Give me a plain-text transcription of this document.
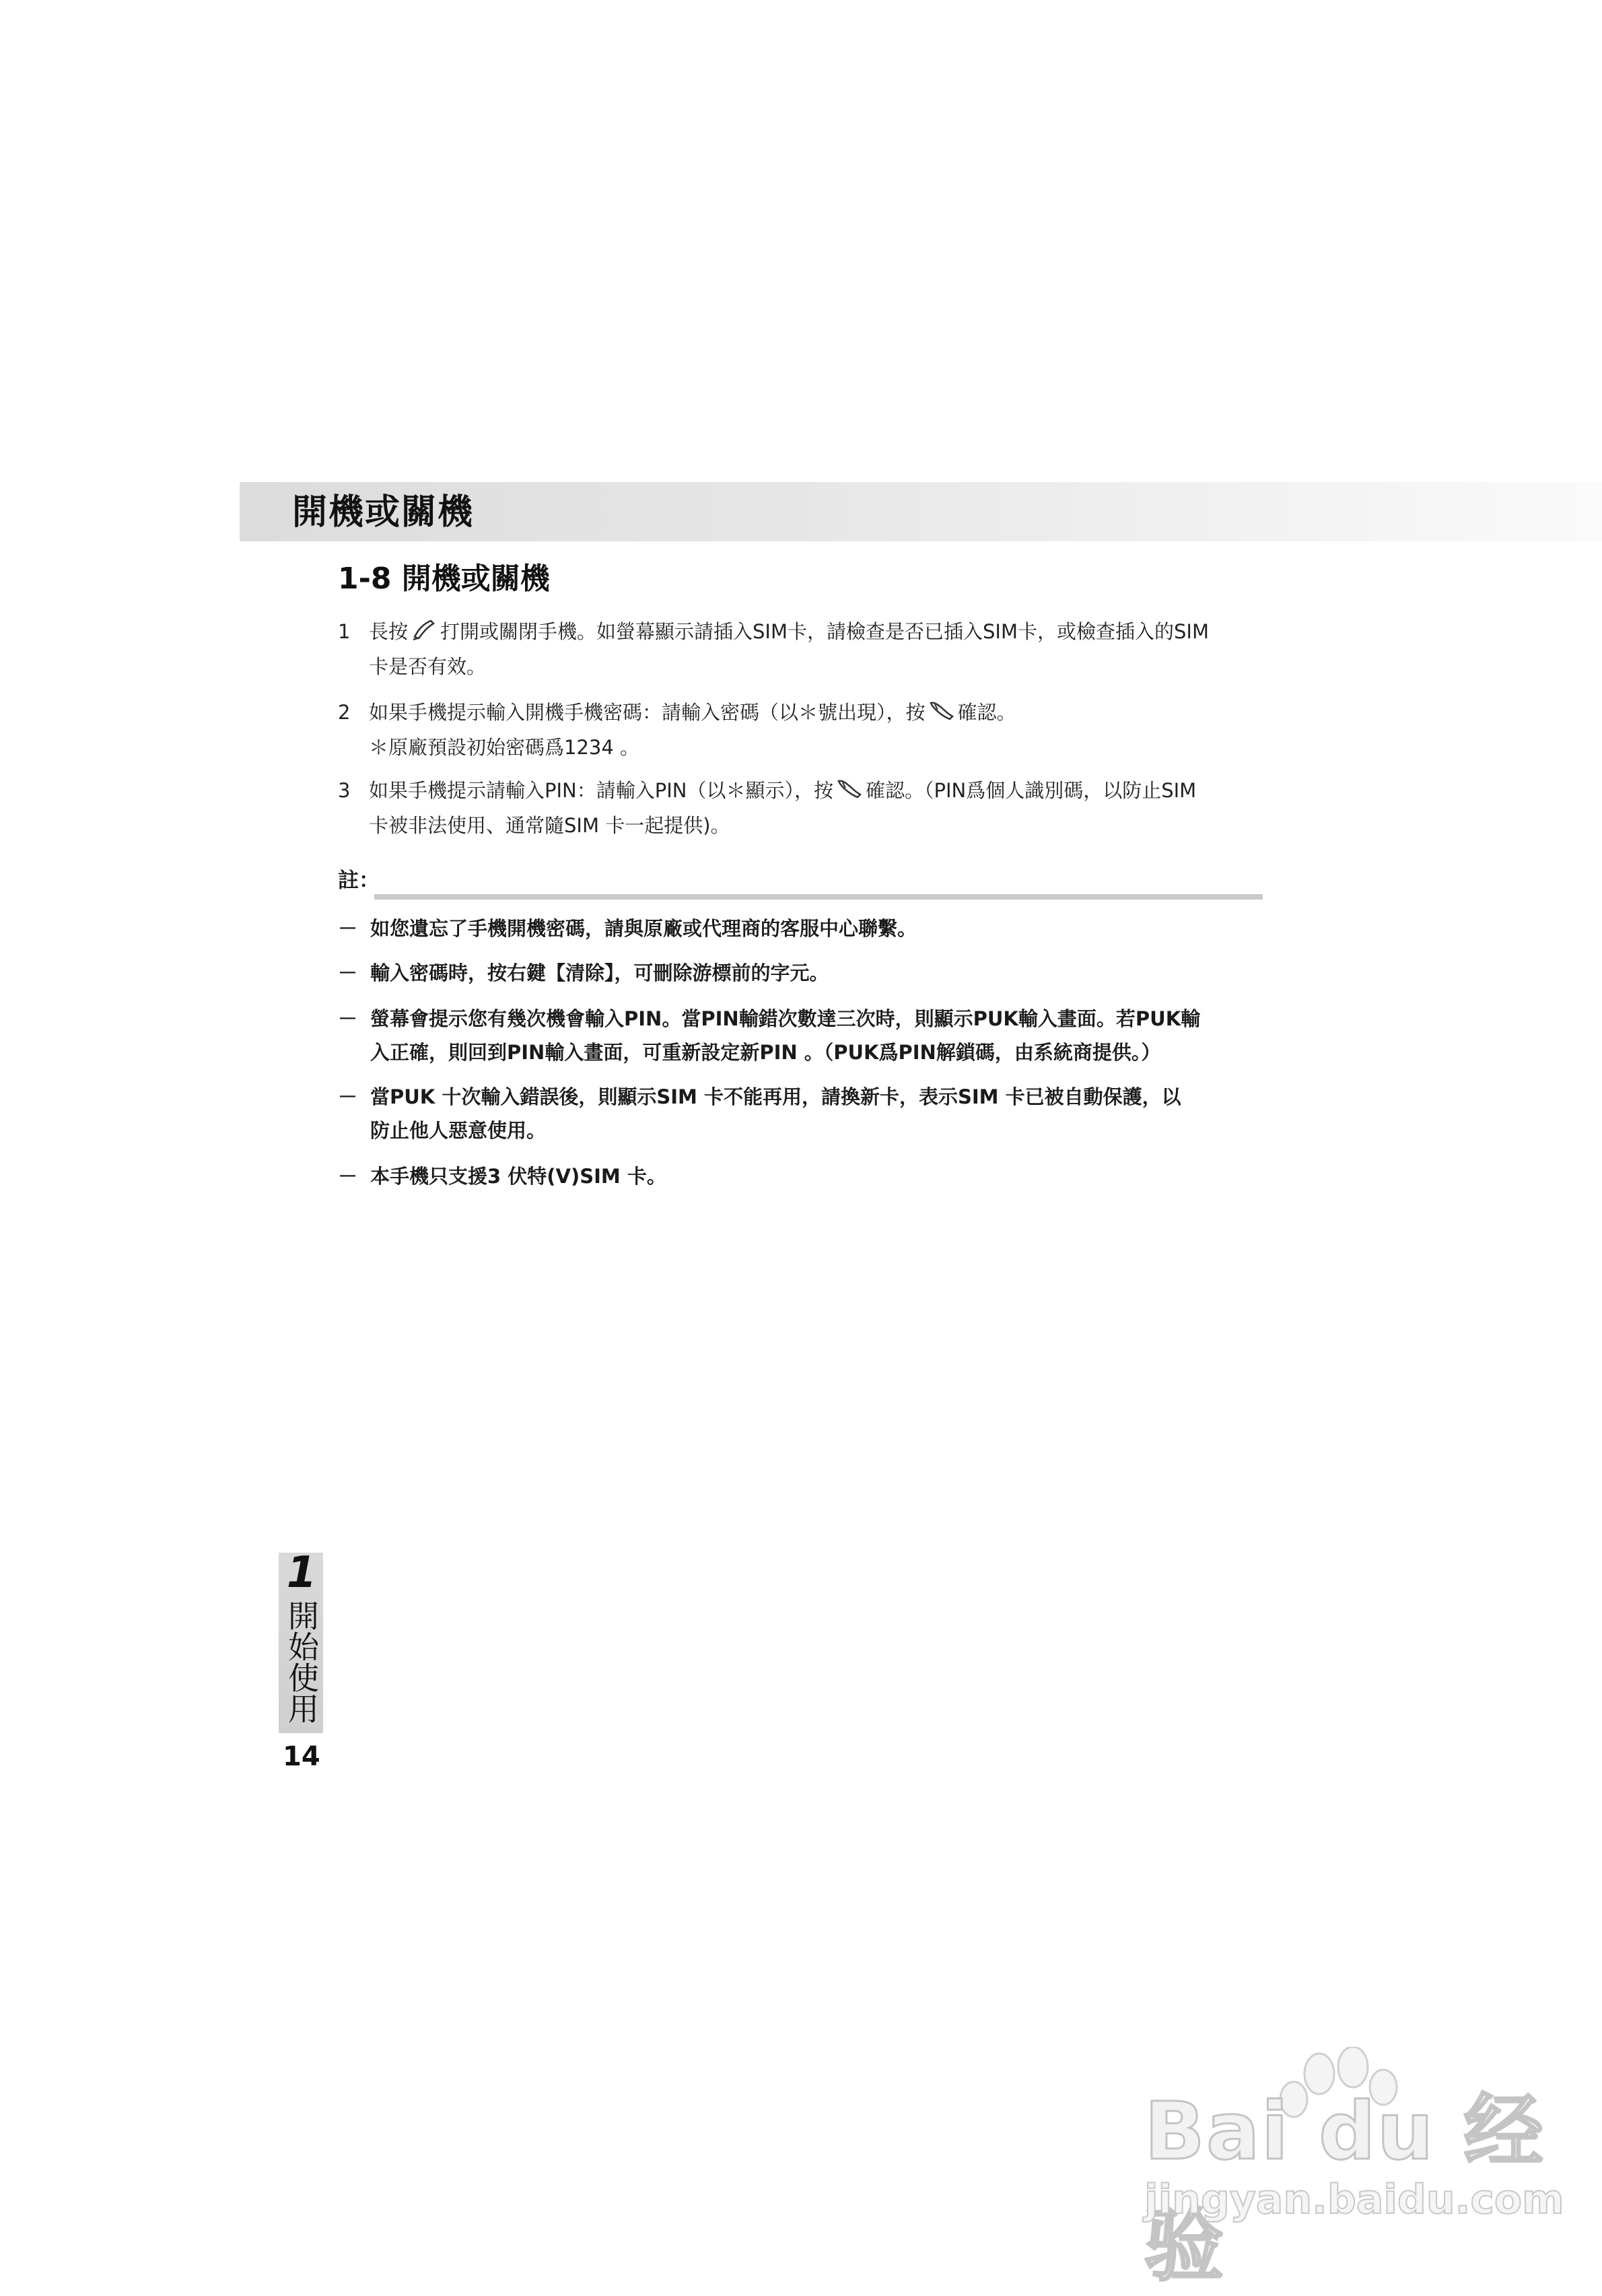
開機或關機
1-8 開機或關機
1 長按 打開或關閉手機。如螢幕顯示請插入SIM卡，請檢查是否已插入SIM卡，或檢查插入的SIM
卡是否有效。
2 如果手機提示輸入開機手機密碼：請輸入密碼（以＊號出現），按 確認。
＊原廠預設初始密碼爲1234 。
3 如果手機提示請輸入PIN：請輸入PIN（以＊顯示），按 確認。（PIN爲個人識別碼，以防止SIM
卡被非法使用、通常隨SIM 卡一起提供)。
註：
－ 如您遺忘了手機開機密碼，請與原廠或代理商的客服中心聯繫。
－ 輸入密碼時，按右鍵【清除】，可刪除游標前的字元。
－ 螢幕會提示您有幾次機會輸入PIN。當PIN輸錯次數達三次時，則顯示PUK輸入畫面。若PUK輸
入正確，則回到PIN輸入畫面，可重新設定新PIN 。（PUK爲PIN解鎖碼，由系統商提供。）
－ 當PUK 十次輸入錯誤後，則顯示SIM 卡不能再用，請換新卡，表示SIM 卡已被自動保護，以
防止他人惡意使用。
－ 本手機只支援3 伏特(V)SIM 卡。
1
開始使用
14
Bai du 经验
jingyan.baidu.com
